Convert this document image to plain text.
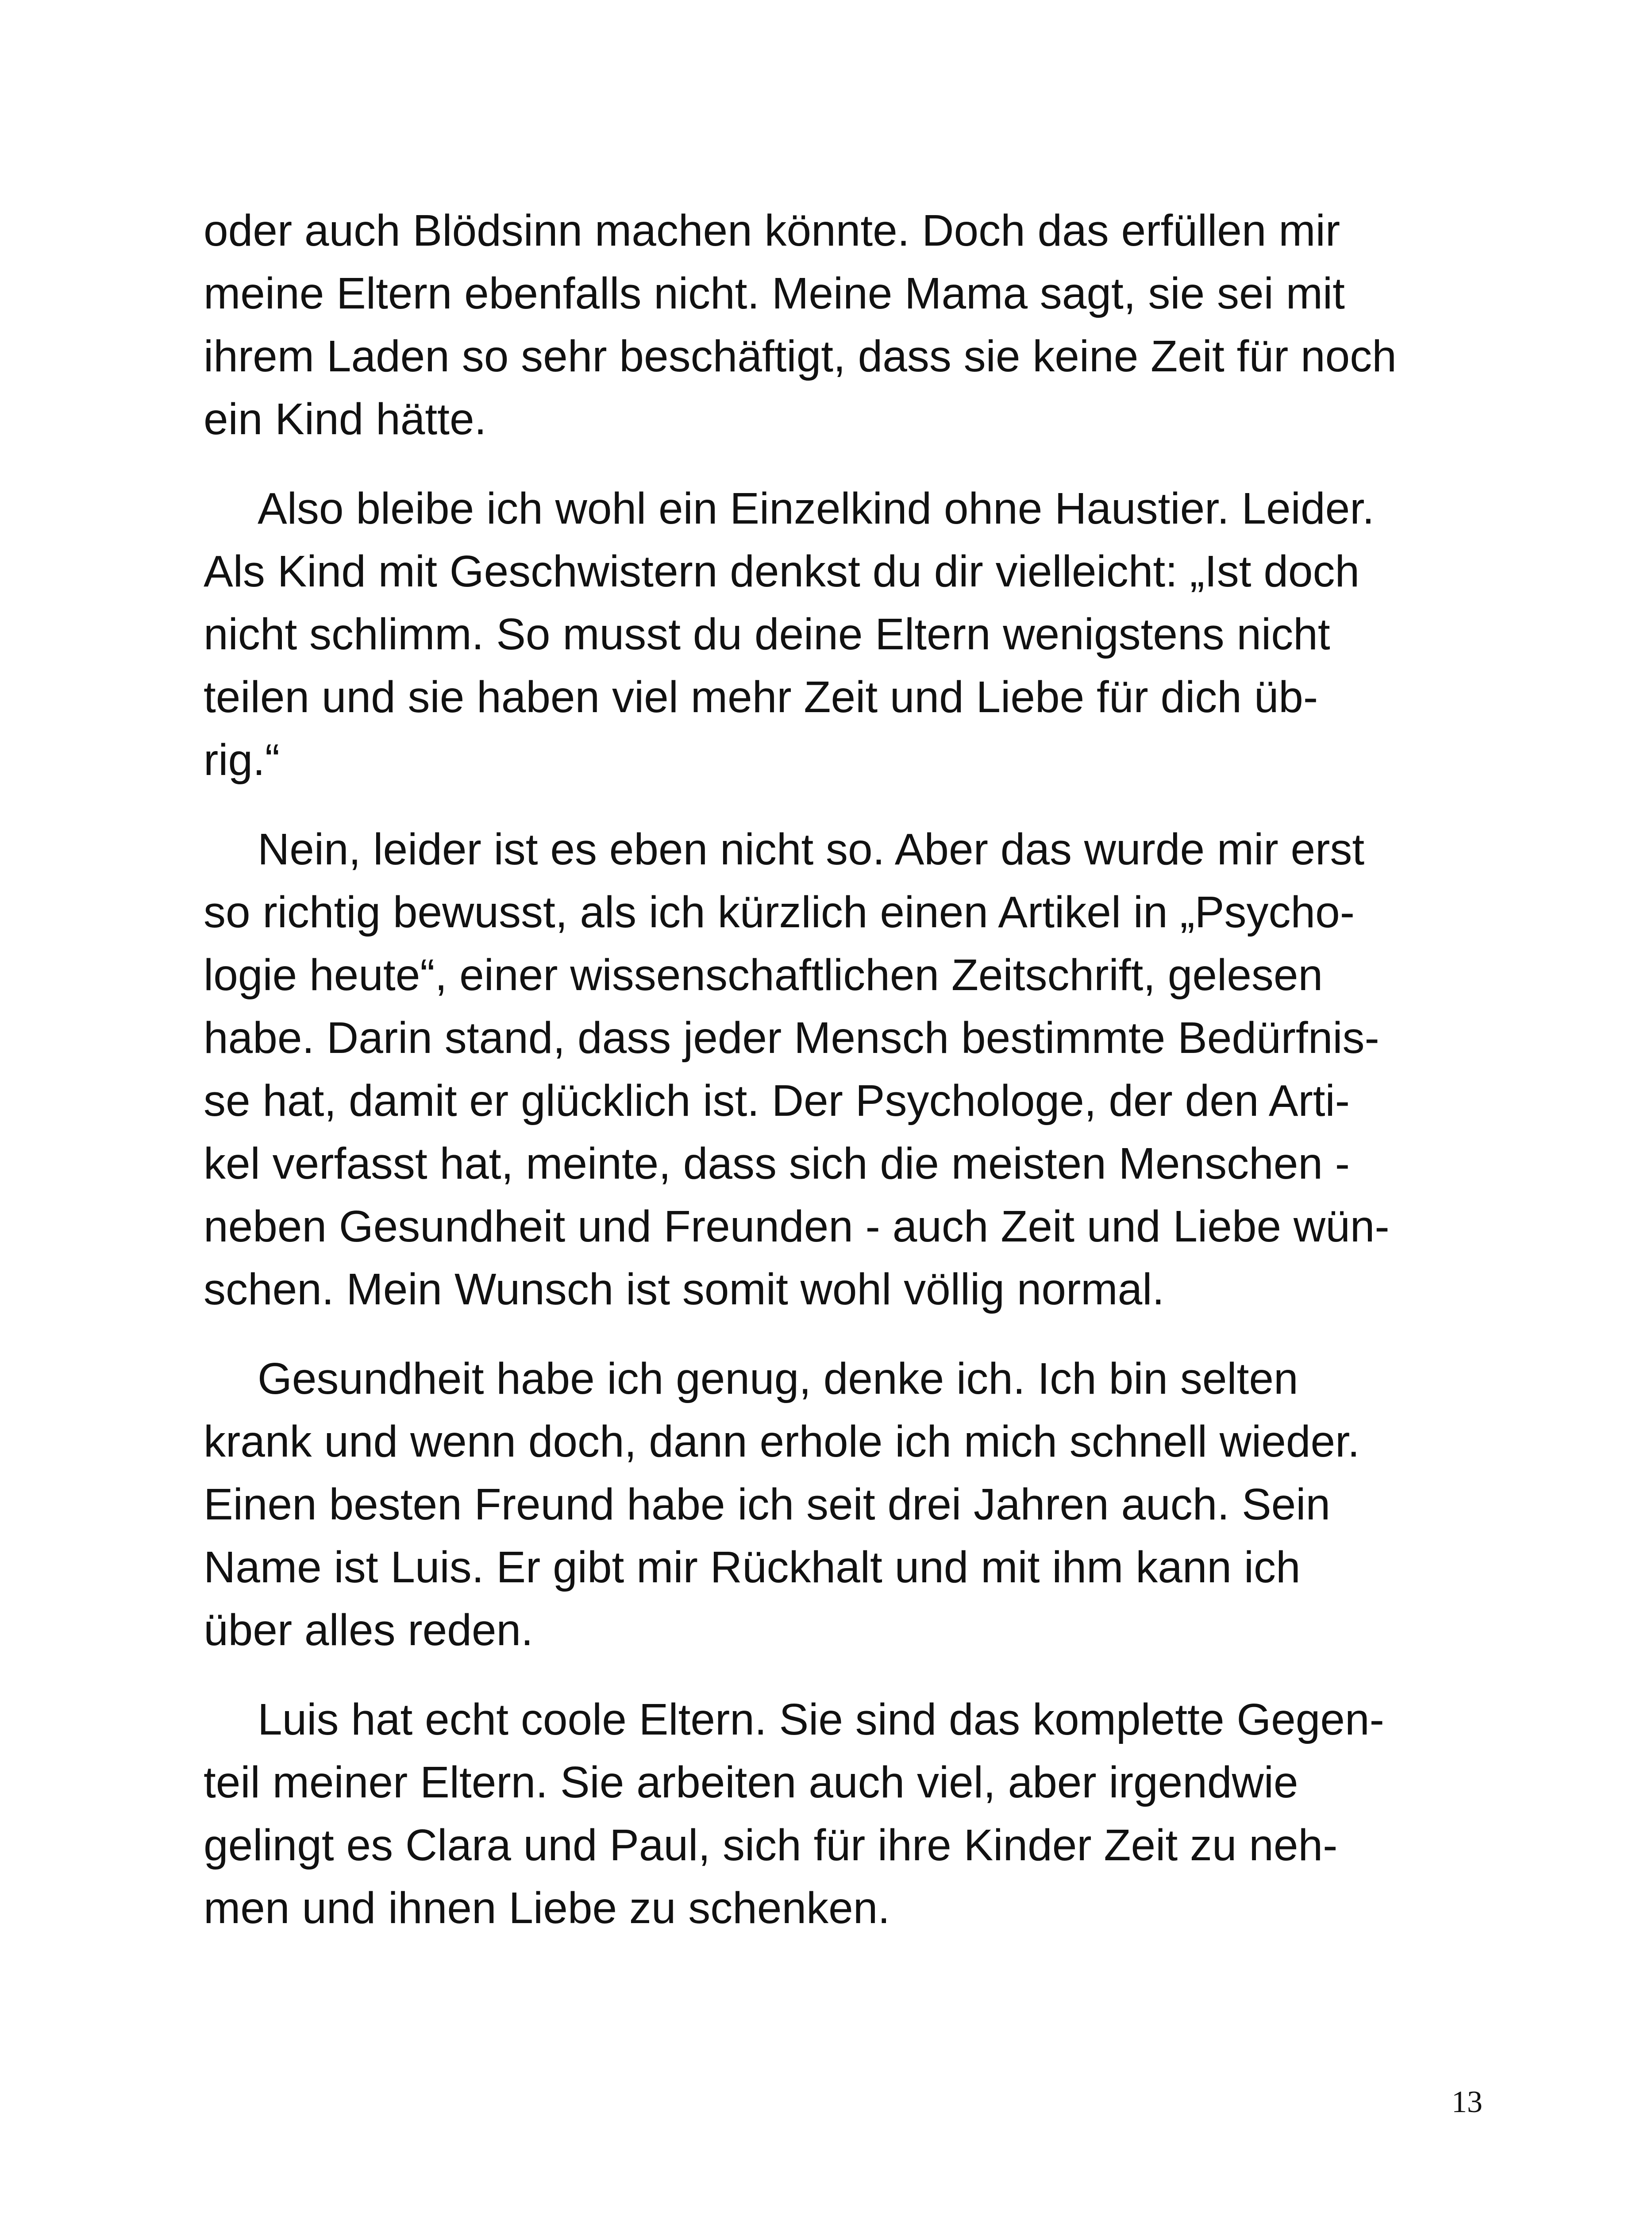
oder auch Blödsinn machen könnte. Doch das erfüllen mir
meine Eltern ebenfalls nicht. Meine Mama sagt, sie sei mit
ihrem Laden so sehr beschäftigt, dass sie keine Zeit für noch
ein Kind hätte.
Also bleibe ich wohl ein Einzelkind ohne Haustier. Leider.
Als Kind mit Geschwistern denkst du dir vielleicht: „Ist doch
nicht schlimm. So musst du deine Eltern wenigstens nicht
teilen und sie haben viel mehr Zeit und Liebe für dich üb-
rig.“
Nein, leider ist es eben nicht so. Aber das wurde mir erst
so richtig bewusst, als ich kürzlich einen Artikel in „Psycho-
logie heute“, einer wissenschaftlichen Zeitschrift, gelesen
habe. Darin stand, dass jeder Mensch bestimmte Bedürfnis-
se hat, damit er glücklich ist. Der Psychologe, der den Arti-
kel verfasst hat, meinte, dass sich die meisten Menschen -
neben Gesundheit und Freunden - auch Zeit und Liebe wün-
schen. Mein Wunsch ist somit wohl völlig normal.
Gesundheit habe ich genug, denke ich. Ich bin selten
krank und wenn doch, dann erhole ich mich schnell wieder.
Einen besten Freund habe ich seit drei Jahren auch. Sein
Name ist Luis. Er gibt mir Rückhalt und mit ihm kann ich
über alles reden.
Luis hat echt coole Eltern. Sie sind das komplette Gegen-
teil meiner Eltern. Sie arbeiten auch viel, aber irgendwie
gelingt es Clara und Paul, sich für ihre Kinder Zeit zu neh-
men und ihnen Liebe zu schenken.
13
